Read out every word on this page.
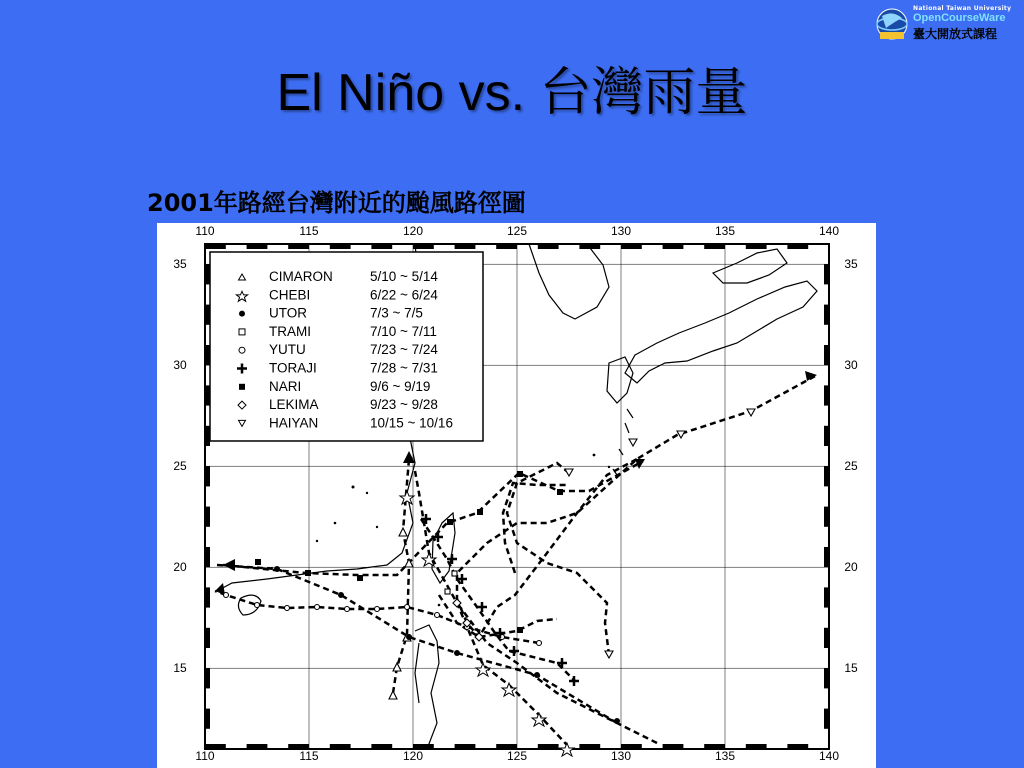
National Taiwan University
OpenCourseWare
臺大開放式課程
El Niño vs. 台灣雨量
2001年路經台灣附近的颱風路徑圖
CIMARON	5/10 ~ 5/14
CHEBI	6/22 ~ 6/24
UTOR	7/3 ~ 7/5
TRAMI	7/10 ~ 7/11
YUTU	7/23 ~ 7/24
TORAJI	7/28 ~ 7/31
NARI	9/6 ~ 9/19
LEKIMA	9/23 ~ 9/28
HAIYAN	10/15 ~ 10/16
110
110
115
115
120
120
125
125
130
130
135
135
140
140
35	35
30	30
25	25
20	20
15	15
